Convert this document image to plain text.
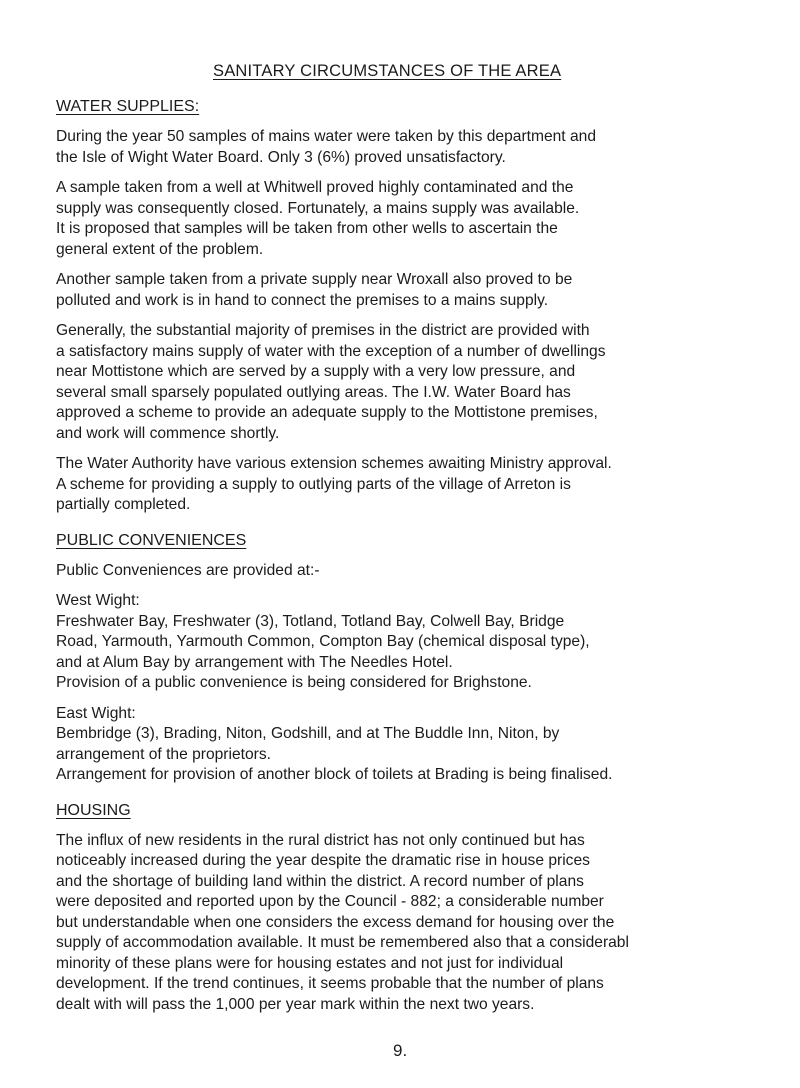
SANITARY CIRCUMSTANCES OF THE AREA
WATER SUPPLIES:
During the year 50 samples of mains water were taken by this department and
the Isle of Wight Water Board. Only 3 (6%) proved unsatisfactory.
A sample taken from a well at Whitwell proved highly contaminated and the
supply was consequently closed. Fortunately, a mains supply was available.
It is proposed that samples will be taken from other wells to ascertain the
general extent of the problem.
Another sample taken from a private supply near Wroxall also proved to be
polluted and work is in hand to connect the premises to a mains supply.
Generally, the substantial majority of premises in the district are provided with
a satisfactory mains supply of water with the exception of a number of dwellings
near Mottistone which are served by a supply with a very low pressure, and
several small sparsely populated outlying areas. The I.W. Water Board has
approved a scheme to provide an adequate supply to the Mottistone premises,
and work will commence shortly.
The Water Authority have various extension schemes awaiting Ministry approval.
A scheme for providing a supply to outlying parts of the village of Arreton is
partially completed.
PUBLIC CONVENIENCES
Public Conveniences are provided at:-
West Wight:
Freshwater Bay, Freshwater (3), Totland, Totland Bay, Colwell Bay, Bridge
Road, Yarmouth, Yarmouth Common, Compton Bay (chemical disposal type),
and at Alum Bay by arrangement with The Needles Hotel.
Provision of a public convenience is being considered for Brighstone.
East Wight:
Bembridge (3), Brading, Niton, Godshill, and at The Buddle Inn, Niton, by
arrangement of the proprietors.
Arrangement for provision of another block of toilets at Brading is being finalised.
HOUSING
The influx of new residents in the rural district has not only continued but has
noticeably increased during the year despite the dramatic rise in house prices
and the shortage of building land within the district. A record number of plans
were deposited and reported upon by the Council - 882; a considerable number
but understandable when one considers the excess demand for housing over the
supply of accommodation available. It must be remembered also that a considerabl
minority of these plans were for housing estates and not just for individual
development. If the trend continues, it seems probable that the number of plans
dealt with will pass the 1,000 per year mark within the next two years.
9.
